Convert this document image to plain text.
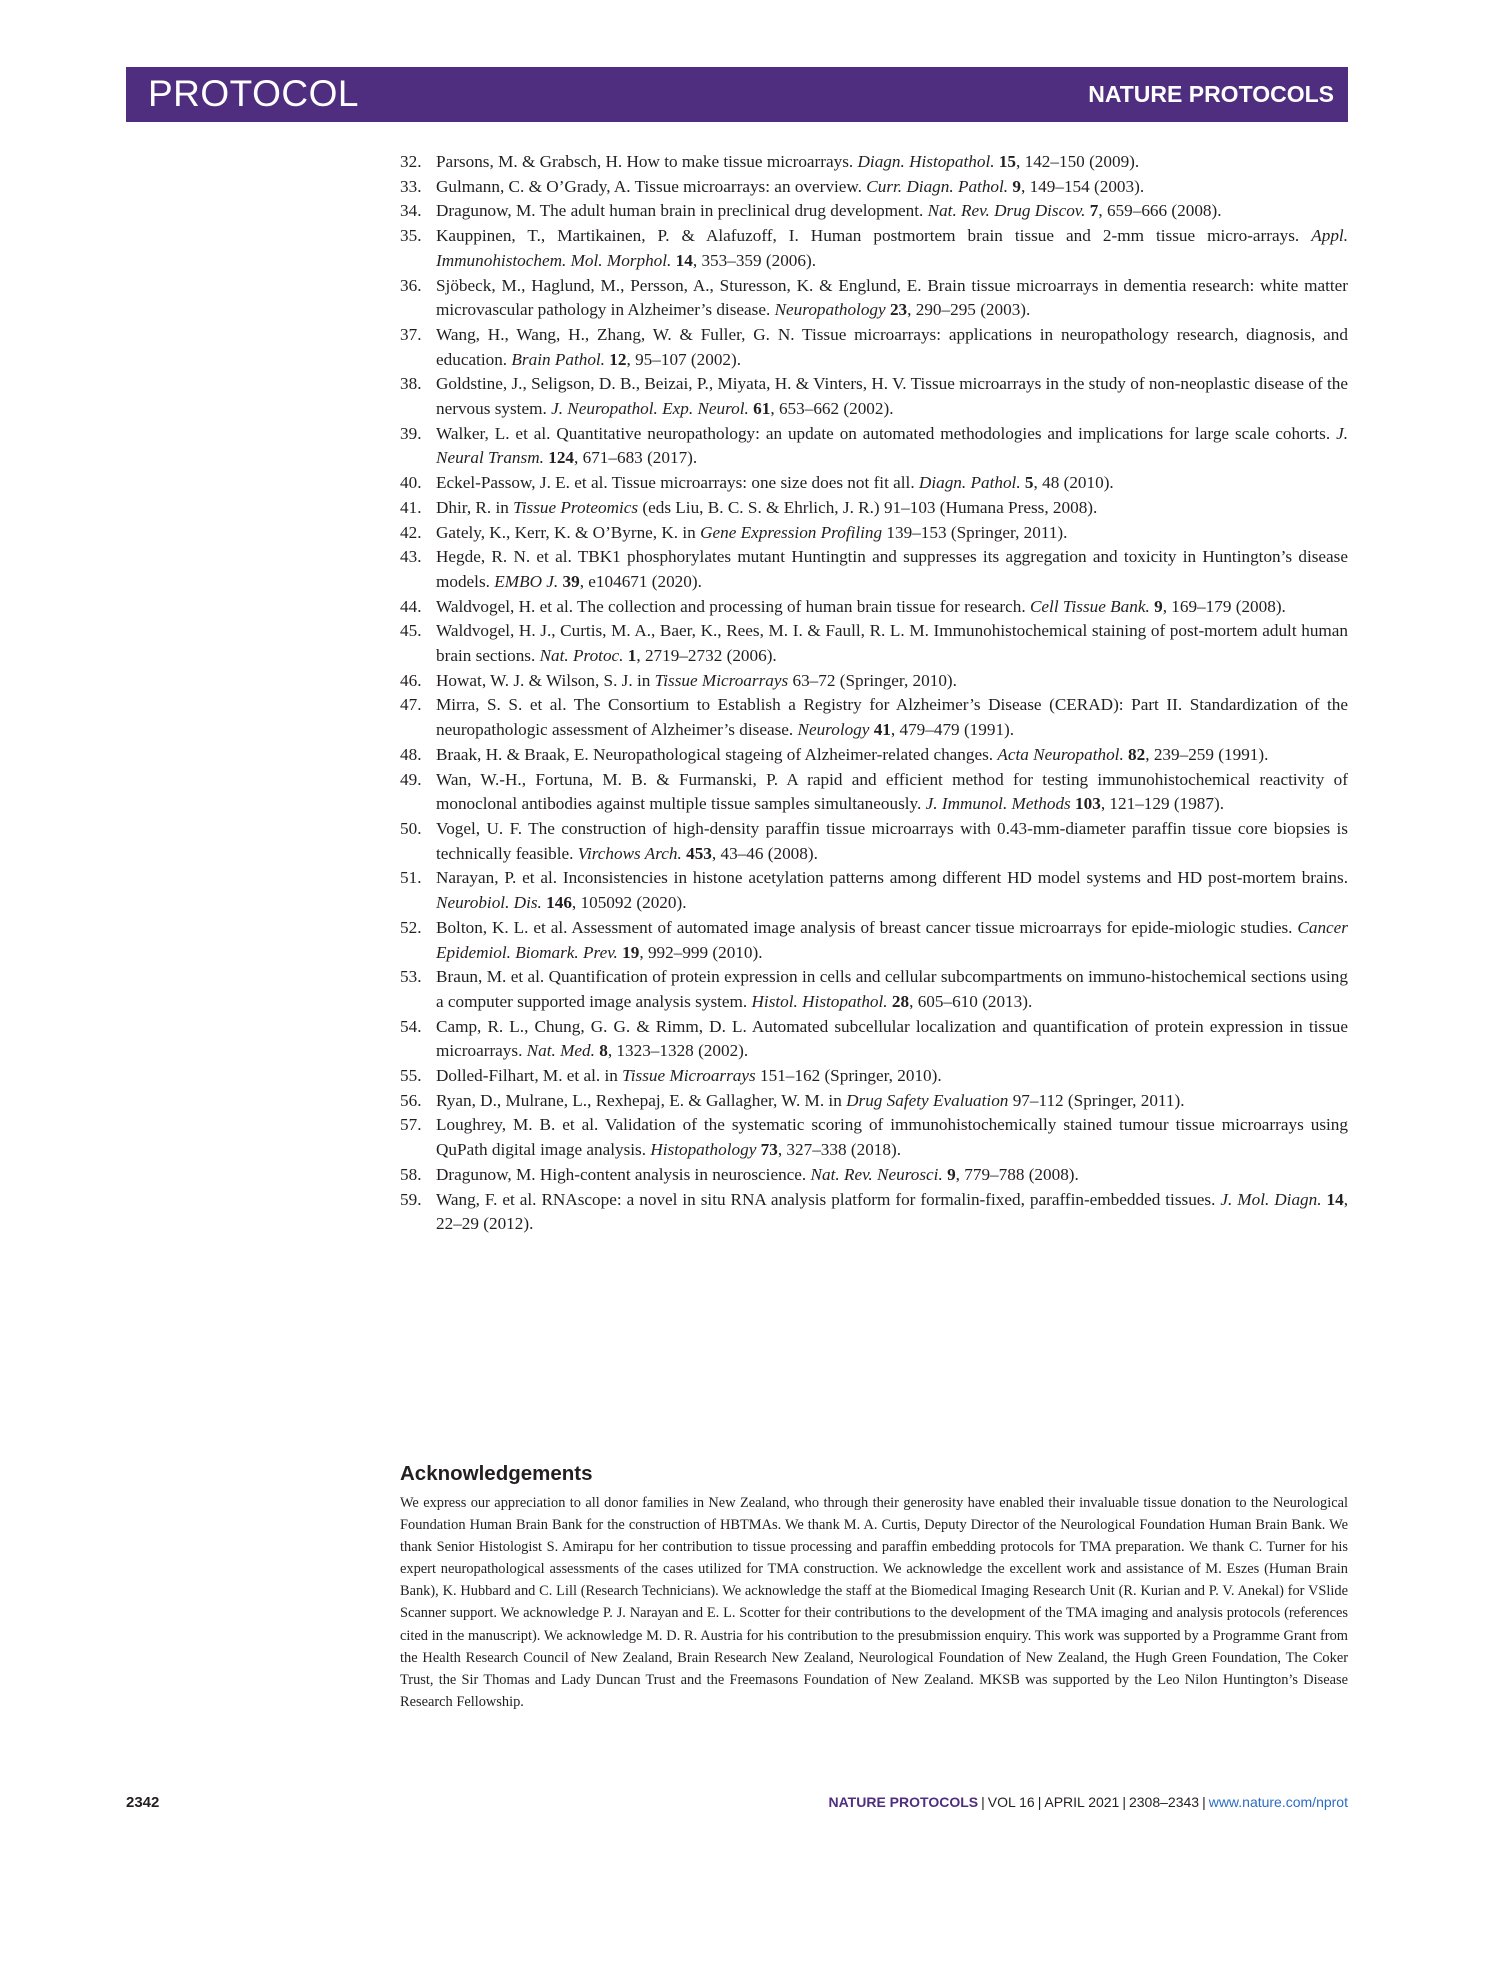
PROTOCOL	NATURE PROTOCOLS
32. Parsons, M. & Grabsch, H. How to make tissue microarrays. Diagn. Histopathol. 15, 142–150 (2009).
33. Gulmann, C. & O’Grady, A. Tissue microarrays: an overview. Curr. Diagn. Pathol. 9, 149–154 (2003).
34. Dragunow, M. The adult human brain in preclinical drug development. Nat. Rev. Drug Discov. 7, 659–666 (2008).
35. Kauppinen, T., Martikainen, P. & Alafuzoff, I. Human postmortem brain tissue and 2-mm tissue micro-arrays. Appl. Immunohistochem. Mol. Morphol. 14, 353–359 (2006).
36. Sjöbeck, M., Haglund, M., Persson, A., Sturesson, K. & Englund, E. Brain tissue microarrays in dementia research: white matter microvascular pathology in Alzheimer’s disease. Neuropathology 23, 290–295 (2003).
37. Wang, H., Wang, H., Zhang, W. & Fuller, G. N. Tissue microarrays: applications in neuropathology research, diagnosis, and education. Brain Pathol. 12, 95–107 (2002).
38. Goldstine, J., Seligson, D. B., Beizai, P., Miyata, H. & Vinters, H. V. Tissue microarrays in the study of non-neoplastic disease of the nervous system. J. Neuropathol. Exp. Neurol. 61, 653–662 (2002).
39. Walker, L. et al. Quantitative neuropathology: an update on automated methodologies and implications for large scale cohorts. J. Neural Transm. 124, 671–683 (2017).
40. Eckel-Passow, J. E. et al. Tissue microarrays: one size does not fit all. Diagn. Pathol. 5, 48 (2010).
41. Dhir, R. in Tissue Proteomics (eds Liu, B. C. S. & Ehrlich, J. R.) 91–103 (Humana Press, 2008).
42. Gately, K., Kerr, K. & O’Byrne, K. in Gene Expression Profiling 139–153 (Springer, 2011).
43. Hegde, R. N. et al. TBK1 phosphorylates mutant Huntingtin and suppresses its aggregation and toxicity in Huntington’s disease models. EMBO J. 39, e104671 (2020).
44. Waldvogel, H. et al. The collection and processing of human brain tissue for research. Cell Tissue Bank. 9, 169–179 (2008).
45. Waldvogel, H. J., Curtis, M. A., Baer, K., Rees, M. I. & Faull, R. L. M. Immunohistochemical staining of post-mortem adult human brain sections. Nat. Protoc. 1, 2719–2732 (2006).
46. Howat, W. J. & Wilson, S. J. in Tissue Microarrays 63–72 (Springer, 2010).
47. Mirra, S. S. et al. The Consortium to Establish a Registry for Alzheimer’s Disease (CERAD): Part II. Standardization of the neuropathologic assessment of Alzheimer’s disease. Neurology 41, 479–479 (1991).
48. Braak, H. & Braak, E. Neuropathological stageing of Alzheimer-related changes. Acta Neuropathol. 82, 239–259 (1991).
49. Wan, W.-H., Fortuna, M. B. & Furmanski, P. A rapid and efficient method for testing immunohistochemical reactivity of monoclonal antibodies against multiple tissue samples simultaneously. J. Immunol. Methods 103, 121–129 (1987).
50. Vogel, U. F. The construction of high-density paraffin tissue microarrays with 0.43-mm-diameter paraffin tissue core biopsies is technically feasible. Virchows Arch. 453, 43–46 (2008).
51. Narayan, P. et al. Inconsistencies in histone acetylation patterns among different HD model systems and HD post-mortem brains. Neurobiol. Dis. 146, 105092 (2020).
52. Bolton, K. L. et al. Assessment of automated image analysis of breast cancer tissue microarrays for epide-miologic studies. Cancer Epidemiol. Biomark. Prev. 19, 992–999 (2010).
53. Braun, M. et al. Quantification of protein expression in cells and cellular subcompartments on immuno-histochemical sections using a computer supported image analysis system. Histol. Histopathol. 28, 605–610 (2013).
54. Camp, R. L., Chung, G. G. & Rimm, D. L. Automated subcellular localization and quantification of protein expression in tissue microarrays. Nat. Med. 8, 1323–1328 (2002).
55. Dolled-Filhart, M. et al. in Tissue Microarrays 151–162 (Springer, 2010).
56. Ryan, D., Mulrane, L., Rexhepaj, E. & Gallagher, W. M. in Drug Safety Evaluation 97–112 (Springer, 2011).
57. Loughrey, M. B. et al. Validation of the systematic scoring of immunohistochemically stained tumour tissue microarrays using QuPath digital image analysis. Histopathology 73, 327–338 (2018).
58. Dragunow, M. High-content analysis in neuroscience. Nat. Rev. Neurosci. 9, 779–788 (2008).
59. Wang, F. et al. RNAscope: a novel in situ RNA analysis platform for formalin-fixed, paraffin-embedded tissues. J. Mol. Diagn. 14, 22–29 (2012).
Acknowledgements

We express our appreciation to all donor families in New Zealand, who through their generosity have enabled their invaluable tissue donation to the Neurological Foundation Human Brain Bank for the construction of HBTMAs. We thank M. A. Curtis, Deputy Director of the Neurological Foundation Human Brain Bank. We thank Senior Histologist S. Amirapu for her contribution to tissue processing and paraffin embedding protocols for TMA preparation. We thank C. Turner for his expert neuropathological assessments of the cases utilized for TMA construction. We acknowledge the excellent work and assistance of M. Eszes (Human Brain Bank), K. Hubbard and C. Lill (Research Technicians). We acknowledge the staff at the Biomedical Imaging Research Unit (R. Kurian and P. V. Anekal) for VSlide Scanner support. We acknowledge P. J. Narayan and E. L. Scotter for their contributions to the development of the TMA imaging and analysis protocols (references cited in the manuscript). We acknowledge M. D. R. Austria for his contribution to the presubmission enquiry. This work was supported by a Programme Grant from the Health Research Council of New Zealand, Brain Research New Zealand, Neurological Foundation of New Zealand, the Hugh Green Foundation, The Coker Trust, the Sir Thomas and Lady Duncan Trust and the Freemasons Foundation of New Zealand. MKSB was supported by the Leo Nilon Huntington’s Disease Research Fellowship.

2342	NATURE PROTOCOLS | VOL 16 | APRIL 2021 | 2308–2343 | www.nature.com/nprot
